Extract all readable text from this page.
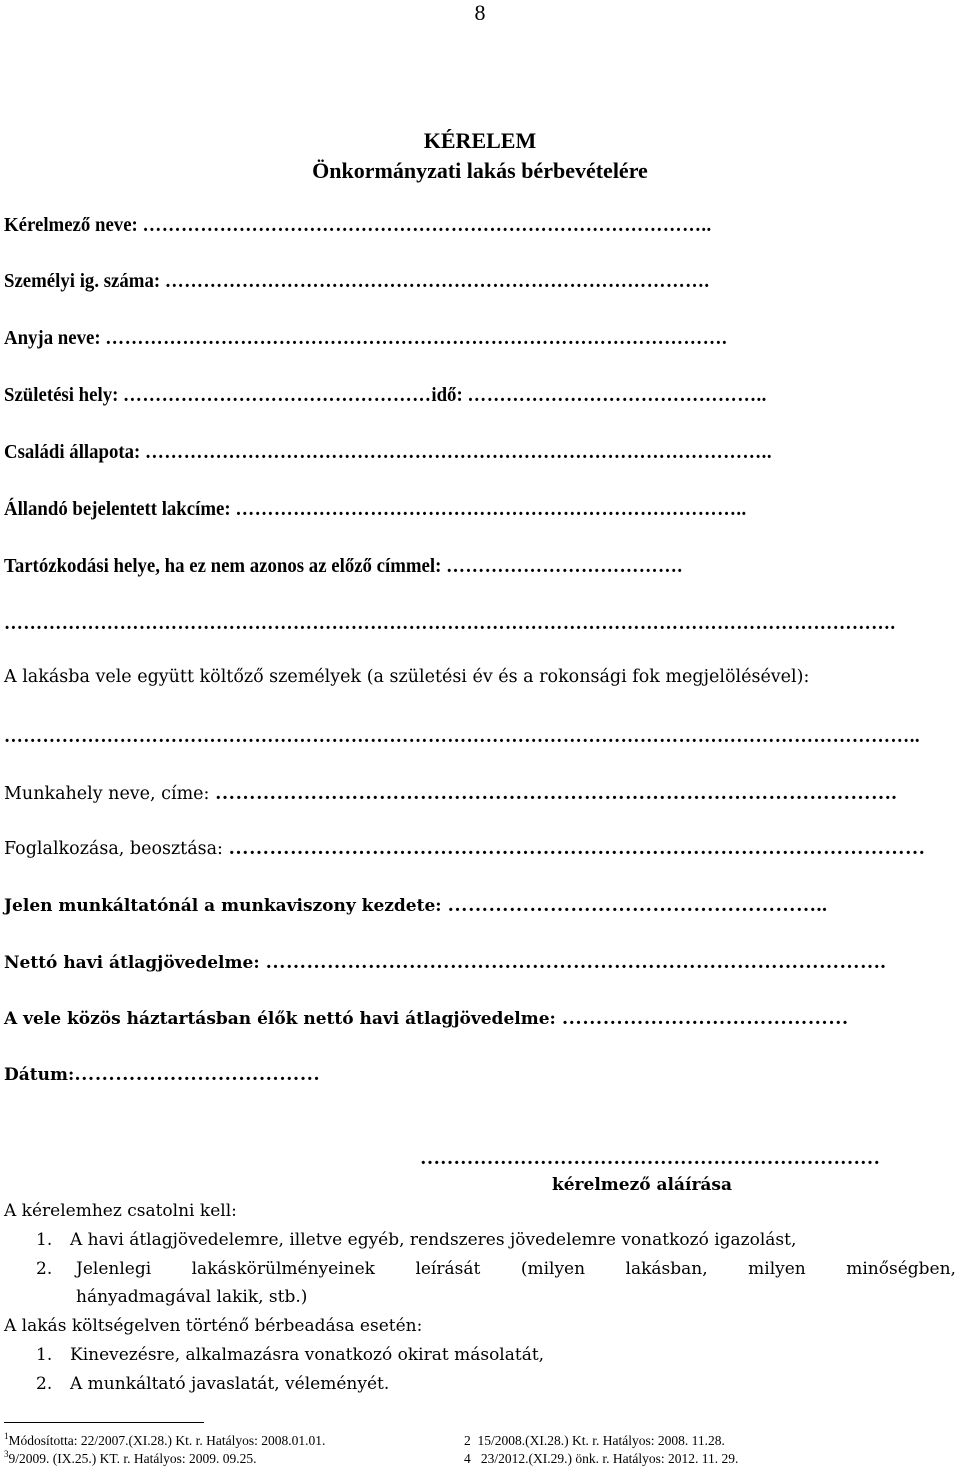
8
KÉRELEM
Önkormányzati lakás bérbevételére
Kérelmező neve: ……………………………………………………………………………..
Személyi ig. száma: ………………………………………………………………………….
Anyja neve: …………………………………………………………………………………….
Születési hely: …………………………………………idő: ………………………………………..
Családi állapota: ……………………………………………………………………………………..
Állandó bejelentett lakcíme: ……………………………………………………………………..
Tartózkodási helye, ha ez nem azonos az előző címmel: ……………………………….
………………………………………………………………………………………………………………………….
A lakásba vele együtt költőző személyek (a születési év és a rokonsági fok megjelölésével):
……………………………………………………………………………………………………………………………..
Munkahely neve, címe: ……………………………………………………………………………………….
Foglalkozása, beosztása: …………………………………………………………………………………………
Jelen munkáltatónál a munkaviszony kezdete: ………………………………………………..
Nettó havi átlagjövedelme: ……………………………………………………………………………….
A vele közös háztartásban élők nettó havi átlagjövedelme: ……………………………………
Dátum:………………………………
……………………………………………………………
kérelmező aláírása
A kérelemhez csatolni kell:
1. A havi átlagjövedelemre, illetve egyéb, rendszeres jövedelemre vonatkozó igazolást,
2.	Jelenlegi lakáskörülményeinek leírását (milyen lakásban, milyen minőségben,
hányadmagával lakik, stb.)
A lakás költségelven történő bérbeadása esetén:
1. Kinevezésre, alkalmazásra vonatkozó okirat másolatát,
2. A munkáltató javaslatát, véleményét.
$^1$Módosította: 22/2007.(XI.28.) Kt. r. Hatályos: 2008.01.01.	2 15/2008.(XI.28.) Kt. r. Hatályos: 2008. 11.28.
$^3$9/2009. (IX.25.) KT. r. Hatályos: 2009. 09.25.	4 23/2012.(XI.29.) önk. r. Hatályos: 2012. 11. 29.
